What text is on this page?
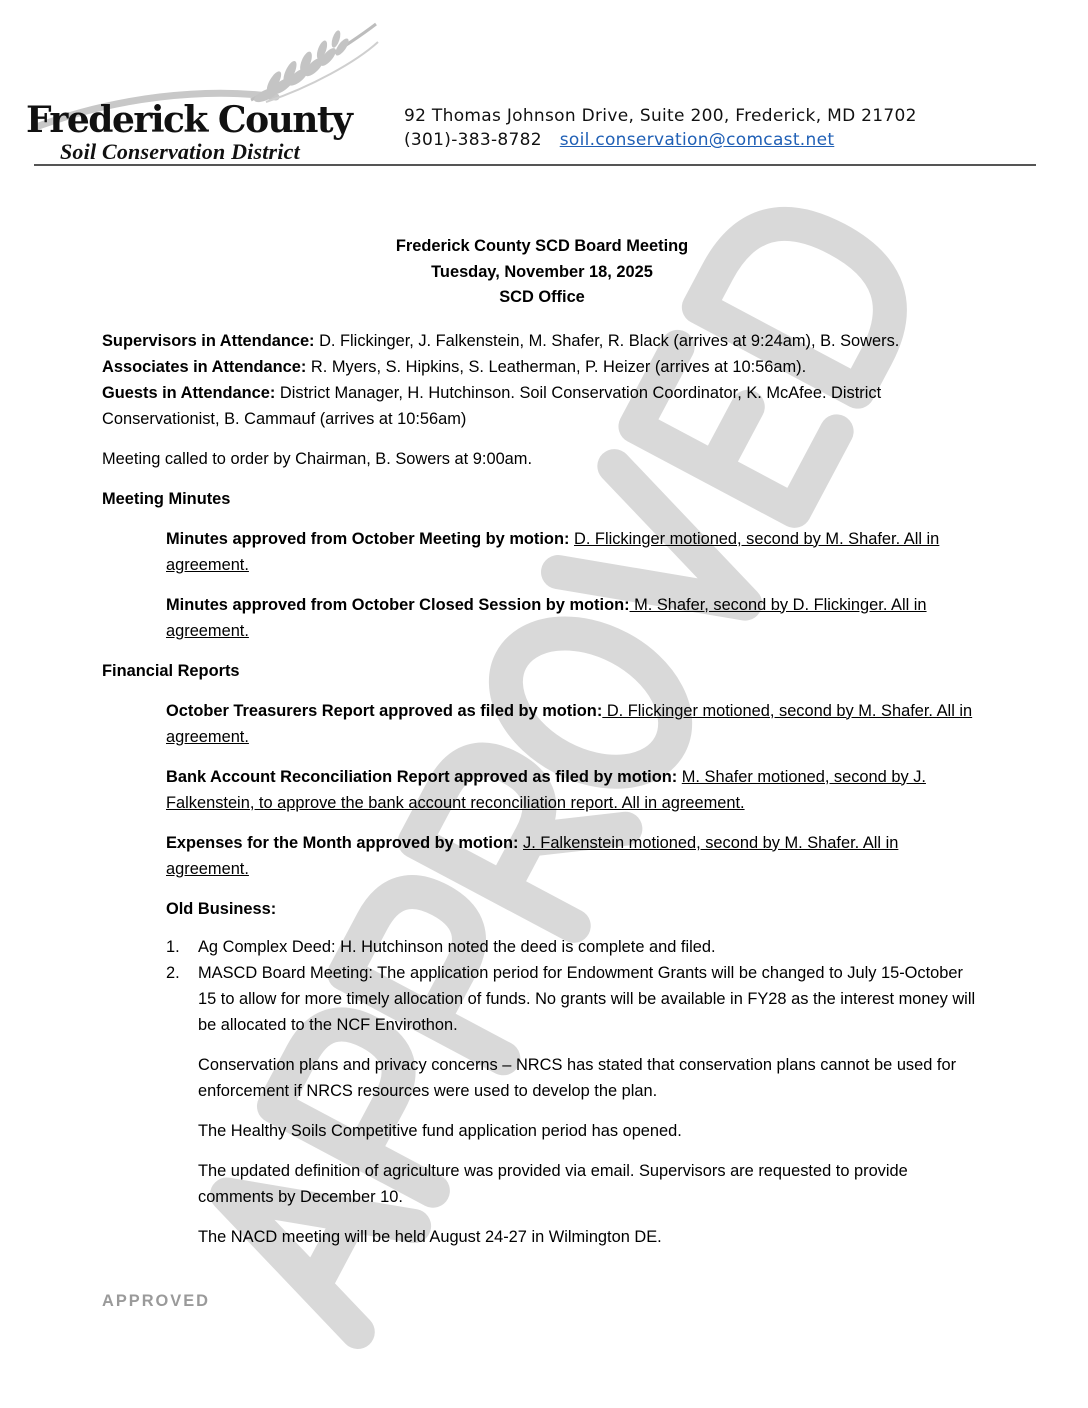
Frederick County
Soil Conservation District
92 Thomas Johnson Drive, Suite 200, Frederick, MD 21702
(301)-383-8782 soil.conservation@comcast.net
Frederick County SCD Board Meeting
Tuesday, November 18, 2025
SCD Office
Supervisors in Attendance: D. Flickinger, J. Falkenstein, M. Shafer, R. Black (arrives at 9:24am), B. Sowers.
Associates in Attendance: R. Myers, S. Hipkins, S. Leatherman, P. Heizer (arrives at 10:56am).
Guests in Attendance: District Manager, H. Hutchinson. Soil Conservation Coordinator, K. McAfee. District Conservationist, B. Cammauf (arrives at 10:56am)
Meeting called to order by Chairman, B. Sowers at 9:00am.
Meeting Minutes
Minutes approved from October Meeting by motion: D. Flickinger motioned, second by M. Shafer. All in agreement.
Minutes approved from October Closed Session by motion: M. Shafer, second by D. Flickinger. All in agreement.
Financial Reports
October Treasurers Report approved as filed by motion: D. Flickinger motioned, second by M. Shafer. All in agreement.
Bank Account Reconciliation Report approved as filed by motion: M. Shafer motioned, second by J. Falkenstein, to approve the bank account reconciliation report. All in agreement.
Expenses for the Month approved by motion: J. Falkenstein motioned, second by M. Shafer. All in agreement.
Old Business:
1. Ag Complex Deed: H. Hutchinson noted the deed is complete and filed.
2. MASCD Board Meeting: The application period for Endowment Grants will be changed to July 15-October 15 to allow for more timely allocation of funds. No grants will be available in FY28 as the interest money will be allocated to the NCF Envirothon.
Conservation plans and privacy concerns – NRCS has stated that conservation plans cannot be used for enforcement if NRCS resources were used to develop the plan.
The Healthy Soils Competitive fund application period has opened.
The updated definition of agriculture was provided via email. Supervisors are requested to provide comments by December 10.
The NACD meeting will be held August 24-27 in Wilmington DE.
APPROVED
